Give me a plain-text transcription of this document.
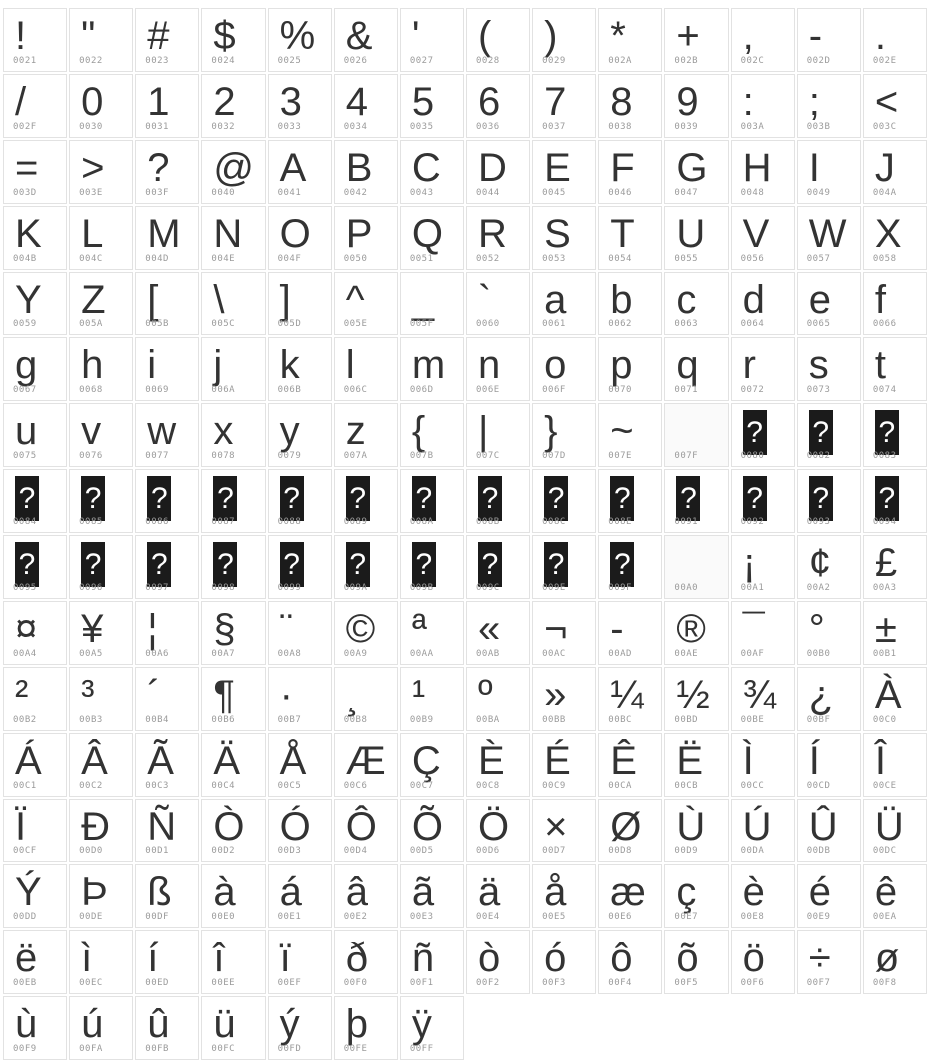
!
0021
"
0022
#
0023
$
0024
%
0025
&
0026
'
0027
(
0028
)
0029
*
002A
+
002B
,
002C
-
002D
.
002E
/
002F
0
0030
1
0031
2
0032
3
0033
4
0034
5
0035
6
0036
7
0037
8
0038
9
0039
:
003A
;
003B
<
003C
=
003D
>
003E
?
003F
@
0040
A
0041
B
0042
C
0043
D
0044
E
0045
F
0046
G
0047
H
0048
I
0049
J
004A
K
004B
L
004C
M
004D
N
004E
O
004F
P
0050
Q
0051
R
0052
S
0053
T
0054
U
0055
V
0056
W
0057
X
0058
Y
0059
Z
005A
[
005B
\
005C
]
005D
^
005E
_
005F
`
0060
a
0061
b
0062
c
0063
d
0064
e
0065
f
0066
g
0067
h
0068
i
0069
j
006A
k
006B
l
006C
m
006D
n
006E
o
006F
p
0070
q
0071
r
0072
s
0073
t
0074
u
0075
v
0076
w
0077
x
0078
y
0079
z
007A
{
007B
|
007C
}
007D
~
007E	007F
?
0080
?
0082
?
0083
?
0084
?
0085
?
0086
?
0087
?
0088
?
0089
?
008A
?
008B
?
008C
?
008E
?
0091
?
0092
?
0093
?
0094
?
0095
?
0096
?
0097
?
0098
?
0099
?
009A
?
009B
?
009C
?
009E
?
009F	00A0
¡
00A1
¢
00A2
£
00A3
¤
00A4
¥
00A5
¦
00A6
§
00A7
¨
00A8
©
00A9
ª
00AA
«
00AB
¬
00AC
-
00AD
®
00AE
¯
00AF
°
00B0
±
00B1
²
00B2
³
00B3
´
00B4
¶
00B6
·
00B7
¸
00B8
¹
00B9
º
00BA
»
00BB
¼
00BC
½
00BD
¾
00BE
¿
00BF
À
00C0
Á
00C1
Â
00C2
Ã
00C3
Ä
00C4
Å
00C5
Æ
00C6
Ç
00C7
È
00C8
É
00C9
Ê
00CA
Ë
00CB
Ì
00CC
Í
00CD
Î
00CE
Ï
00CF
Ð
00D0
Ñ
00D1
Ò
00D2
Ó
00D3
Ô
00D4
Õ
00D5
Ö
00D6
×
00D7
Ø
00D8
Ù
00D9
Ú
00DA
Û
00DB
Ü
00DC
Ý
00DD
Þ
00DE
ß
00DF
à
00E0
á
00E1
â
00E2
ã
00E3
ä
00E4
å
00E5
æ
00E6
ç
00E7
è
00E8
é
00E9
ê
00EA
ë
00EB
ì
00EC
í
00ED
î
00EE
ï
00EF
ð
00F0
ñ
00F1
ò
00F2
ó
00F3
ô
00F4
õ
00F5
ö
00F6
÷
00F7
ø
00F8
ù
00F9
ú
00FA
û
00FB
ü
00FC
ý
00FD
þ
00FE
ÿ
00FF
